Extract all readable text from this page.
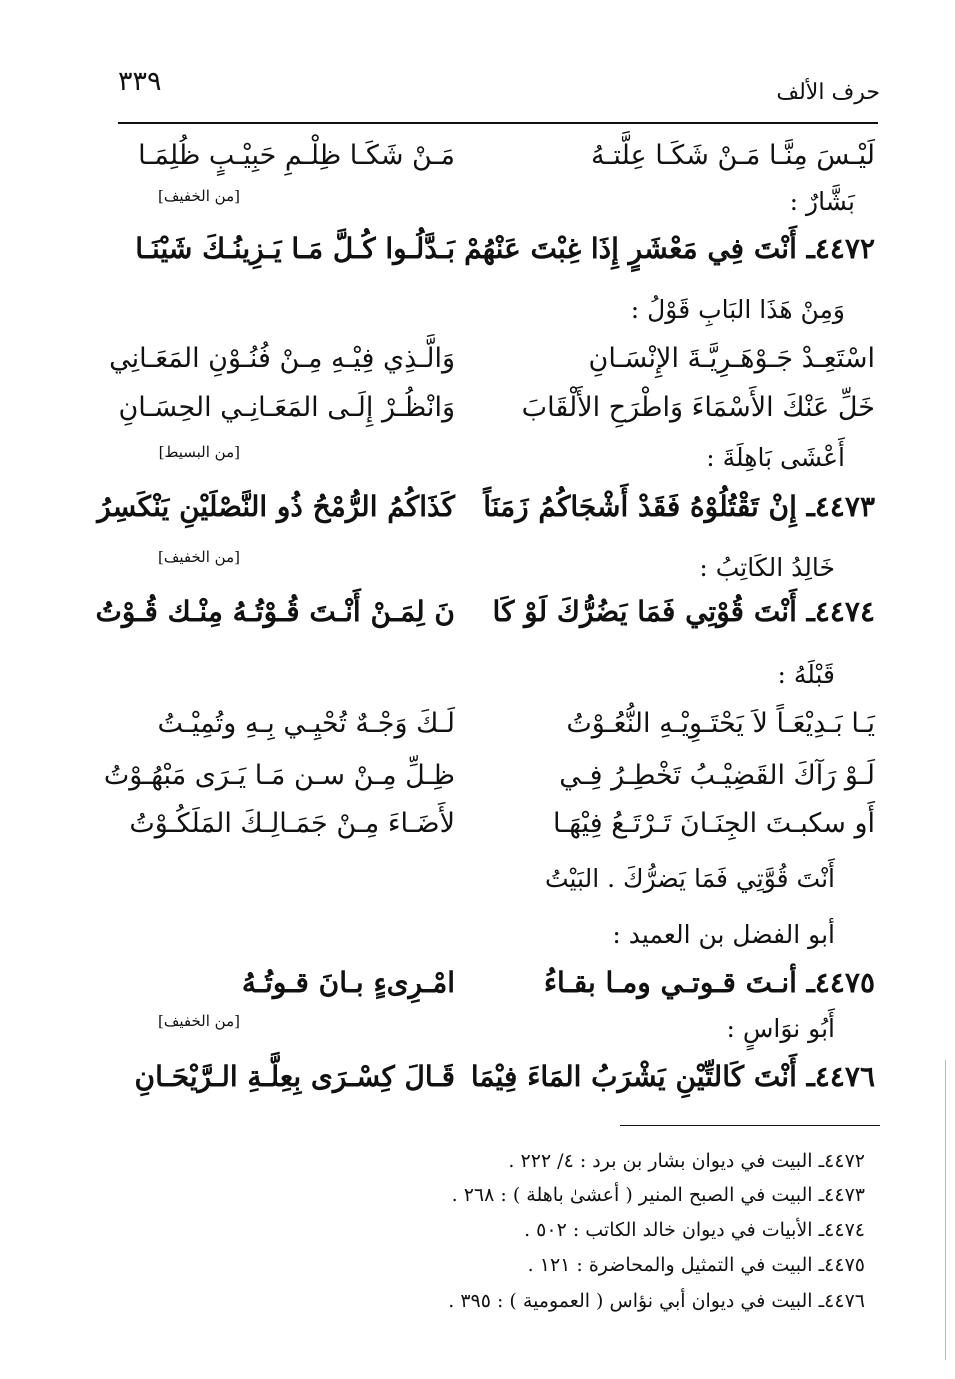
٣٣٩	حرف الألف
لَيْـسَ مِنَّـا مَـنْ شَكَـا عِلَّتـهُ
مَـنْ شَكَـا ظِلْـمِ حَبِيْـبٍ ظُلِمَـا
بَشَّارٌ :
[من الخفيف]
٤٤٧٢ـ أَنْتَ فِي مَعْشَرٍ إِذَا غِبْتَ عَنْهُمْ
بَـدَّلُـوا كُـلَّ مَـا يَـزِينُـكَ شَيْنَـا
وَمِنْ هَذَا البَابِ قَوْلُ :
اسْتَعِـدْ جَـوْهَـرِيَّـةَ الإِنْسَـانِ
وَالَّـذِي فِيْـهِ مِـنْ فُنُـوْنِ المَعَـانِي
خَلِّ عَنْكَ الأَسْمَاءَ وَاطْرَحِ الأَلْقَابَ
وَانْظُـرْ إِلَـى المَعَـانِـي الحِسَـانِ
أَعْشَى بَاهِلَةَ :
[من البسيط]
٤٤٧٣ـ إِنْ تَقْتُلُوْهُ فَقَدْ أَشْجَاكُمُ زَمَنَاً
كَذَاكُمُ الرُّمْحُ ذُو النَّصْلَيْنِ يَنْكَسِرُ
خَالِدُ الكَاتِبُ :
[من الخفيف]
٤٤٧٤ـ أَنْتَ قُوْتِي فَمَا يَضُرُّكَ لَوْ كَا
نَ لِمَـنْ أَنْـتَ قُـوْتُـهُ مِنْـك قُـوْتُ
قَبْلَهُ :
يَـا بَـدِيْعَـاً لاَ يَحْتَـوِيْـهِ النُّعُـوْتُ
لَـكَ وَجْـهٌ تُحْيِـي بِـهِ وتُمِيْـتُ
لَـوْ رَآكَ القَضِيْـبُ تَخْطِـرُ فِـي
ظِـلِّ مِـنْ سـن مَـا يَـرَى مَبْهُـوْتُ
أَو سكبـتَ الجِنَـانَ تَـرْتَـعُ فِيْهَـا
لأَضَـاءَ مِـنْ جَمَـالِـكَ المَلَكُـوْتُ
أَنْتَ قُوَّتِي فَمَا يَضرُّكَ . البَيْتُ
أبو الفضل بن العميد :
٤٤٧٥ـ أنـتَ قـوتـي ومـا بقـاءُ
امْـرِىءٍ بـانَ قـوتُـهُ
أَبُو نوَاسٍ :
[من الخفيف]
٤٤٧٦ـ أَنْتَ كَالتِّيْنِ يَشْرَبُ المَاءَ فِيْمَا
قَـالَ كِسْـرَى بِعِلَّـةِ الـرَّيْحَـانِ
٤٤٧٢ـ البيت في ديوان بشار بن برد : ٤/ ٢٢٢ .
٤٤٧٣ـ البيت في الصبح المنير ( أعشىٰ باهلة ) : ٢٦٨ .
٤٤٧٤ـ الأبيات في ديوان خالد الكاتب : ٥٠٢ .
٤٤٧٥ـ البيت في التمثيل والمحاضرة : ١٢١ .
٤٤٧٦ـ البيت في ديوان أبي نؤاس ( العمومية ) : ٣٩٥ .
